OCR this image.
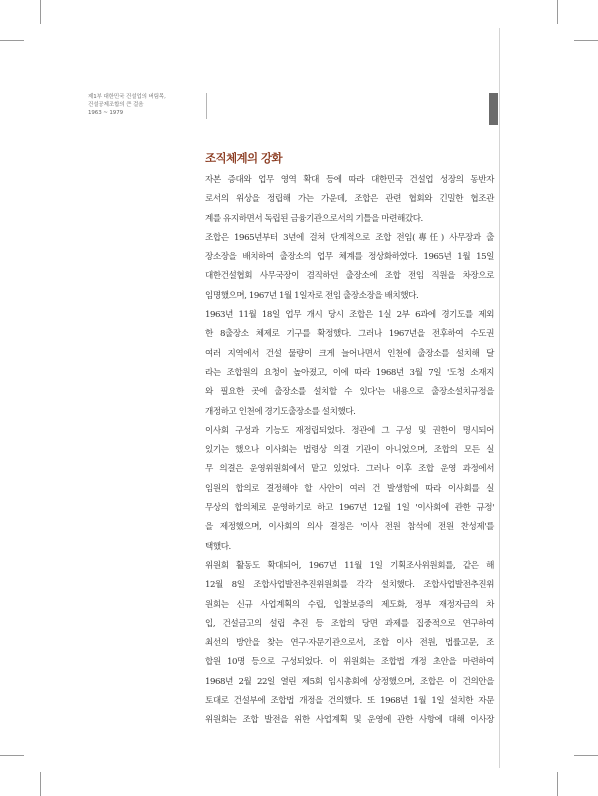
제1부 대한민국 건설업의 버팀목,
건설공제조합의 큰 걸음
1963 ~ 1979
조직체계의 강화

자본 증대와 업무 영역 확대 등에 따라 대한민국 건설업 성장의 동반자
로서의 위상을 정립해 가는 가운데, 조합은 관련 협회와 긴밀한 협조관
계를 유지하면서 독립된 금융기관으로서의 기틀을 마련해갔다.

조합은 1965년부터 3년에 걸쳐 단계적으로 조합 전임(專任) 사무장과 출
장소장을 배치하여 출장소의 업무 체계를 정상화하였다. 1965년 1월 15일
대한건설협회 사무국장이 겸직하던 출장소에 조합 전임 직원을 차장으로
임명했으며, 1967년 1월 1일자로 전임 출장소장을 배치했다.

1963년 11월 18일 업무 개시 당시 조합은 1실 2부 6과에 경기도를 제외
한 8출장소 체제로 기구를 확정했다. 그러나 1967년을 전후하여 수도권
여러 지역에서 건설 물량이 크게 늘어나면서 인천에 출장소를 설치해 달
라는 조합원의 요청이 높아졌고, 이에 따라 1968년 3월 7일 '도청 소재지
와 필요한 곳에 출장소를 설치할 수 있다'는 내용으로 출장소설치규정을
개정하고 인천에 경기도출장소를 설치했다.

이사회 구성과 기능도 재정립되었다. 정관에 그 구성 및 권한이 명시되어
있기는 했으나 이사회는 법령상 의결 기관이 아니었으며, 조합의 모든 실
무 의결은 운영위원회에서 맡고 있었다. 그러나 이후 조합 운영 과정에서
임원의 합의로 결정해야 할 사안이 여러 건 발생함에 따라 이사회를 실
무상의 합의체로 운영하기로 하고 1967년 12월 1일 '이사회에 관한 규정'
을 제정했으며, 이사회의 의사 결정은 '이사 전원 참석에 전원 찬성제'를
택했다.

위원회 활동도 확대되어, 1967년 11월 1일 기획조사위원회를, 같은 해
12월 8일 조합사업발전추진위원회를 각각 설치했다. 조합사업발전추진위
원회는 신규 사업계획의 수립, 입찰보증의 제도화, 정부 재정자금의 차
입, 건설금고의 설립 추진 등 조합의 당면 과제를 집중적으로 연구하여
최선의 방안을 찾는 연구·자문기관으로서, 조합 이사 전원, 법률고문, 조
합원 10명 등으로 구성되었다. 이 위원회는 조합법 개정 초안을 마련하여
1968년 2월 22일 열린 제5회 임시총회에 상정했으며, 조합은 이 건의안을
토대로 건설부에 조합법 개정을 건의했다. 또 1968년 1월 1일 설치한 자문
위원회는 조합 발전을 위한 사업계획 및 운영에 관한 사항에 대해 이사장
